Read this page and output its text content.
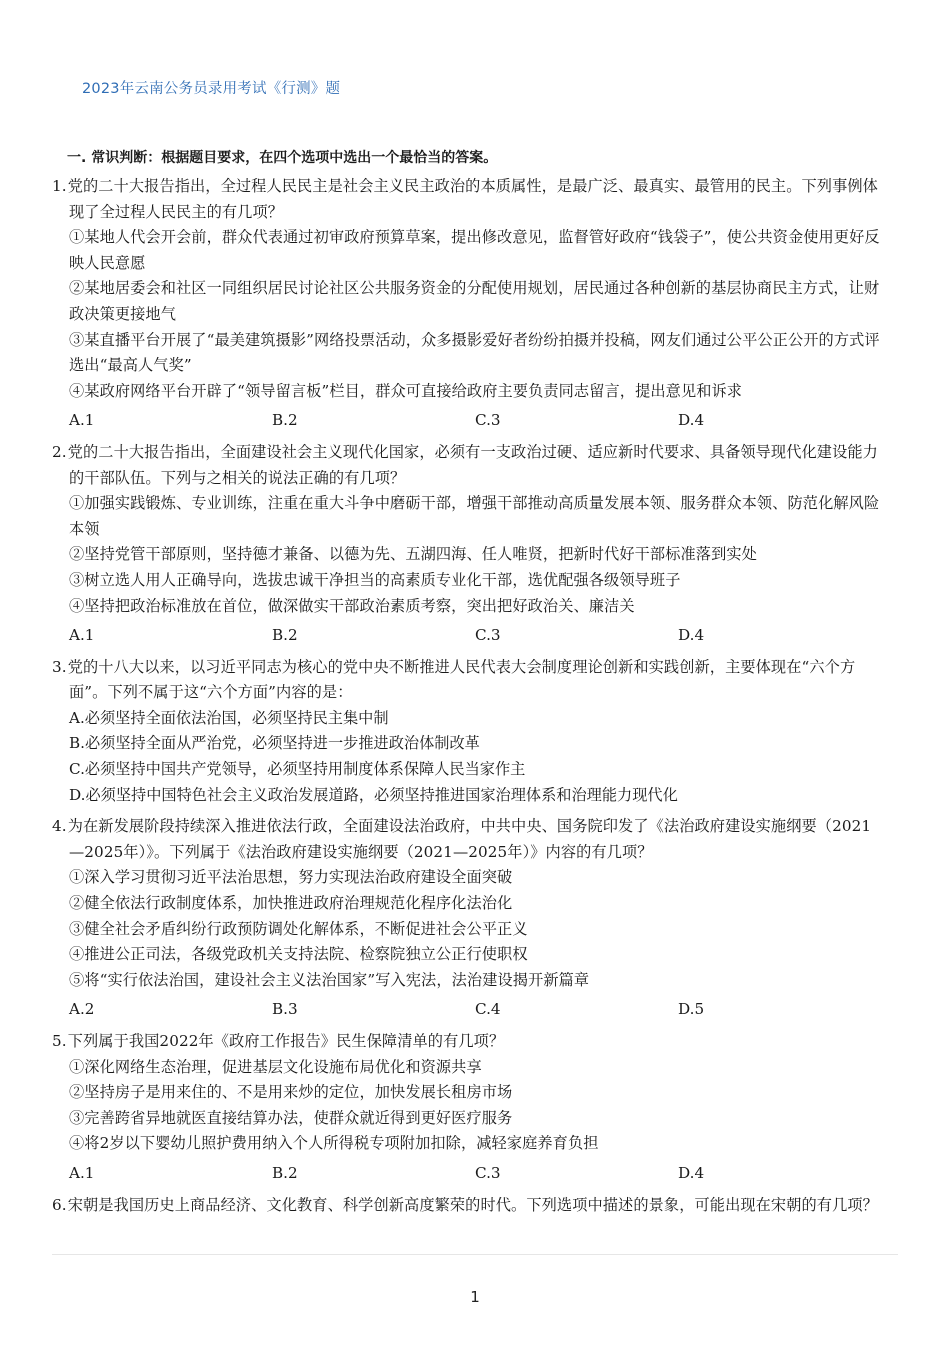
2023年云南公务员录用考试《行测》题
一. 常识判断：根据题目要求，在四个选项中选出一个最恰当的答案。
1.党的二十大报告指出，全过程人民民主是社会主义民主政治的本质属性，是最广泛、最真实、最管用的民主。下列事例体现了全过程人民民主的有几项？
①某地人代会开会前，群众代表通过初审政府预算草案，提出修改意见，监督管好政府“钱袋子”，使公共资金使用更好反映人民意愿
②某地居委会和社区一同组织居民讨论社区公共服务资金的分配使用规划，居民通过各种创新的基层协商民主方式，让财政决策更接地气
③某直播平台开展了“最美建筑摄影”网络投票活动，众多摄影爱好者纷纷拍摄并投稿，网友们通过公平公正公开的方式评选出“最高人气奖”
④某政府网络平台开辟了“领导留言板”栏目，群众可直接给政府主要负责同志留言，提出意见和诉求
A.1	B.2	C.3	D.4
2.党的二十大报告指出，全面建设社会主义现代化国家，必须有一支政治过硬、适应新时代要求、具备领导现代化建设能力的干部队伍。下列与之相关的说法正确的有几项？
①加强实践锻炼、专业训练，注重在重大斗争中磨砺干部，增强干部推动高质量发展本领、服务群众本领、防范化解风险本领
②坚持党管干部原则，坚持德才兼备、以德为先、五湖四海、任人唯贤，把新时代好干部标准落到实处
③树立选人用人正确导向，选拔忠诚干净担当的高素质专业化干部，选优配强各级领导班子
④坚持把政治标准放在首位，做深做实干部政治素质考察，突出把好政治关、廉洁关
A.1	B.2	C.3	D.4
3.党的十八大以来，以习近平同志为核心的党中央不断推进人民代表大会制度理论创新和实践创新，主要体现在“六个方面”。下列不属于这“六个方面”内容的是：
A.必须坚持全面依法治国，必须坚持民主集中制
B.必须坚持全面从严治党，必须坚持进一步推进政治体制改革
C.必须坚持中国共产党领导，必须坚持用制度体系保障人民当家作主
D.必须坚持中国特色社会主义政治发展道路，必须坚持推进国家治理体系和治理能力现代化
4.为在新发展阶段持续深入推进依法行政，全面建设法治政府，中共中央、国务院印发了《法治政府建设实施纲要（2021—2025年）》。下列属于《法治政府建设实施纲要（2021—2025年）》内容的有几项？
①深入学习贯彻习近平法治思想，努力实现法治政府建设全面突破
②健全依法行政制度体系，加快推进政府治理规范化程序化法治化
③健全社会矛盾纠纷行政预防调处化解体系，不断促进社会公平正义
④推进公正司法，各级党政机关支持法院、检察院独立公正行使职权
⑤将“实行依法治国，建设社会主义法治国家”写入宪法，法治建设揭开新篇章
A.2	B.3	C.4	D.5
5.下列属于我国2022年《政府工作报告》民生保障清单的有几项？
①深化网络生态治理，促进基层文化设施布局优化和资源共享
②坚持房子是用来住的、不是用来炒的定位，加快发展长租房市场
③完善跨省异地就医直接结算办法，使群众就近得到更好医疗服务
④将2岁以下婴幼儿照护费用纳入个人所得税专项附加扣除，减轻家庭养育负担
A.1	B.2	C.3	D.4
6.宋朝是我国历史上商品经济、文化教育、科学创新高度繁荣的时代。下列选项中描述的景象，可能出现在宋朝的有几项？
1
